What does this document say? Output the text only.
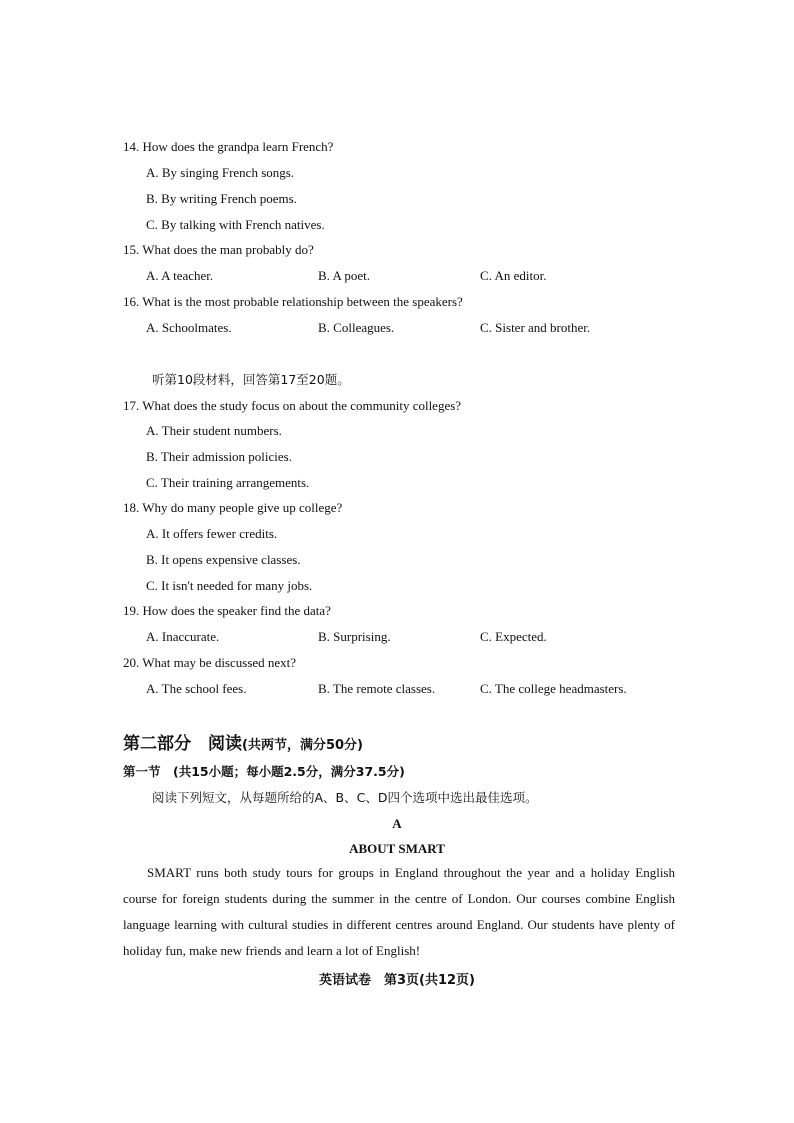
14. How does the grandpa learn French?
A. By singing French songs.
B. By writing French poems.
C. By talking with French natives.
15. What does the man probably do?
A. A teacher.	B. A poet.	C. An editor.
16. What is the most probable relationship between the speakers?
A. Schoolmates.	B. Colleagues.	C. Sister and brother.
听第10段材料，回答第17至20题。
17. What does the study focus on about the community colleges?
A. Their student numbers.
B. Their admission policies.
C. Their training arrangements.
18. Why do many people give up college?
A. It offers fewer credits.
B. It opens expensive classes.
C. It isn't needed for many jobs.
19. How does the speaker find the data?
A. Inaccurate.	B. Surprising.	C. Expected.
20. What may be discussed next?
A. The school fees.	B. The remote classes.	C. The college headmasters.
第二部分　阅读(共两节，满分50分)
第一节　(共15小题；每小题2.5分，满分37.5分)
阅读下列短文，从每题所给的A、B、C、D四个选项中选出最佳选项。
A
ABOUT SMART
SMART runs both study tours for groups in England throughout the year and a holiday English course for foreign students during the summer in the centre of London. Our courses combine English language learning with cultural studies in different centres around England. Our students have plenty of holiday fun, make new friends and learn a lot of English!
英语试卷　第3页(共12页)
